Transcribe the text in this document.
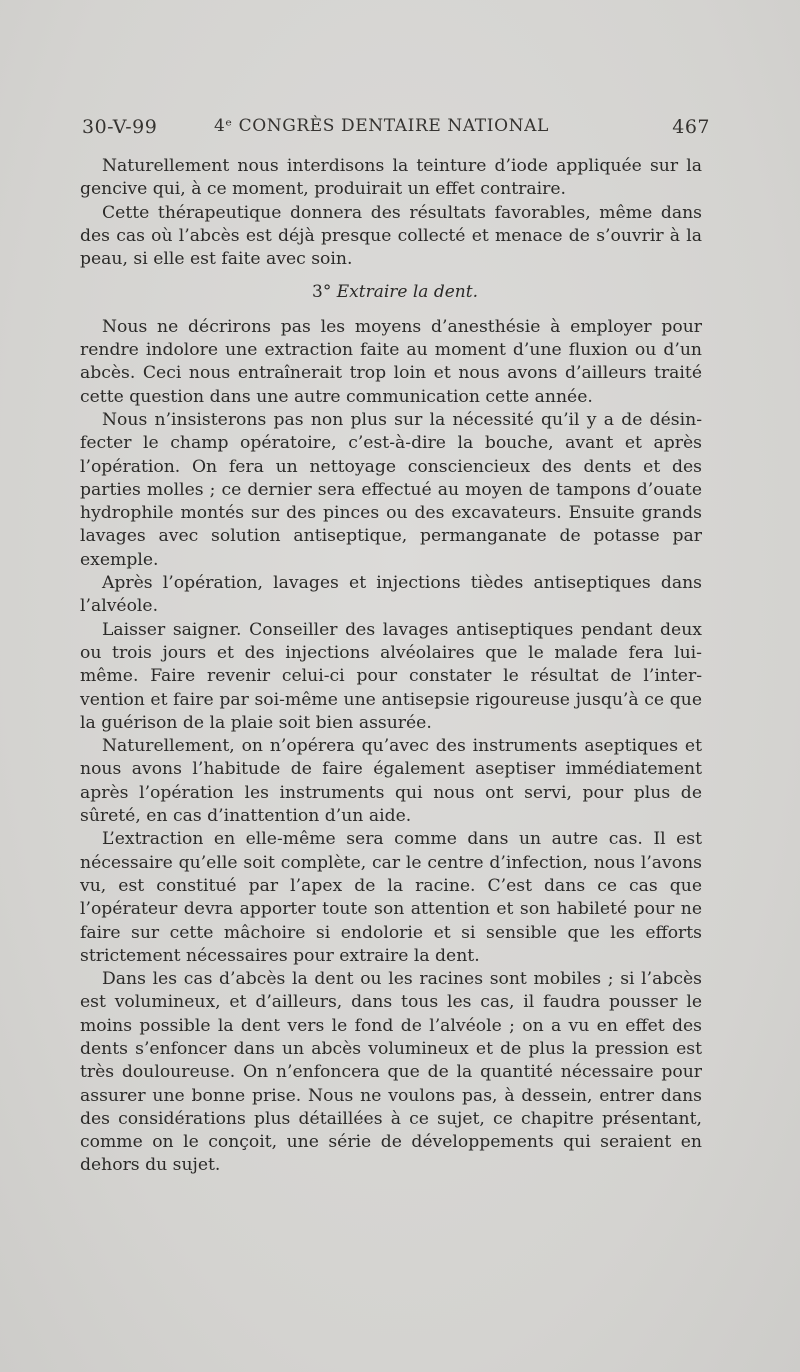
30-V-99	4ᵉ CONGRÈS DENTAIRE NATIONAL	467

Naturellement nous interdisons la teinture d’iode appliquée sur la gencive qui, à ce moment, produirait un effet contraire.

Cette thérapeutique donnera des résultats favorables, même dans des cas où l’abcès est déjà presque collecté et menace de s’ouvrir à la peau, si elle est faite avec soin.

3° Extraire la dent.

Nous ne décrirons pas les moyens d’anesthésie à employer pour rendre indolore une extraction faite au moment d’une fluxion ou d’un abcès. Ceci nous entraînerait trop loin et nous avons d’ailleurs traité cette question dans une autre communication cette année.

Nous n’insisterons pas non plus sur la nécessité qu’il y a de désinfecter le champ opératoire, c’est-à-dire la bouche, avant et après l’opération. On fera un nettoyage consciencieux des dents et des parties molles ; ce dernier sera effectué au moyen de tampons d’ouate hydrophile montés sur des pinces ou des excavateurs. Ensuite grands lavages avec solution antiseptique, permanganate de potasse par exemple.

Après l’opération, lavages et injections tièdes antiseptiques dans l’alvéole.

Laisser saigner. Conseiller des lavages antiseptiques pendant deux ou trois jours et des injections alvéolaires que le malade fera lui-même. Faire revenir celui-ci pour constater le résultat de l’intervention et faire par soi-même une antisepsie rigoureuse jusqu’à ce que la guérison de la plaie soit bien assurée.

Naturellement, on n’opérera qu’avec des instruments aseptiques et nous avons l’habitude de faire également aseptiser immédiatement après l’opération les instruments qui nous ont servi, pour plus de sûreté, en cas d’inattention d’un aide.

L’extraction en elle-même sera comme dans un autre cas. Il est nécessaire qu’elle soit complète, car le centre d’infection, nous l’avons vu, est constitué par l’apex de la racine. C’est dans ce cas que l’opérateur devra apporter toute son attention et son habileté pour ne faire sur cette mâchoire si endolorie et si sensible que les efforts strictement nécessaires pour extraire la dent.

Dans les cas d’abcès la dent ou les racines sont mobiles ; si l’abcès est volumineux, et d’ailleurs, dans tous les cas, il faudra pousser le moins possible la dent vers le fond de l’alvéole ; on a vu en effet des dents s’enfoncer dans un abcès volumineux et de plus la pression est très douloureuse. On n’enfoncera que de la quantité nécessaire pour assurer une bonne prise. Nous ne voulons pas, à dessein, entrer dans des considérations plus détaillées à ce sujet, ce chapitre présentant, comme on le conçoit, une série de développements qui seraient en dehors du sujet.
